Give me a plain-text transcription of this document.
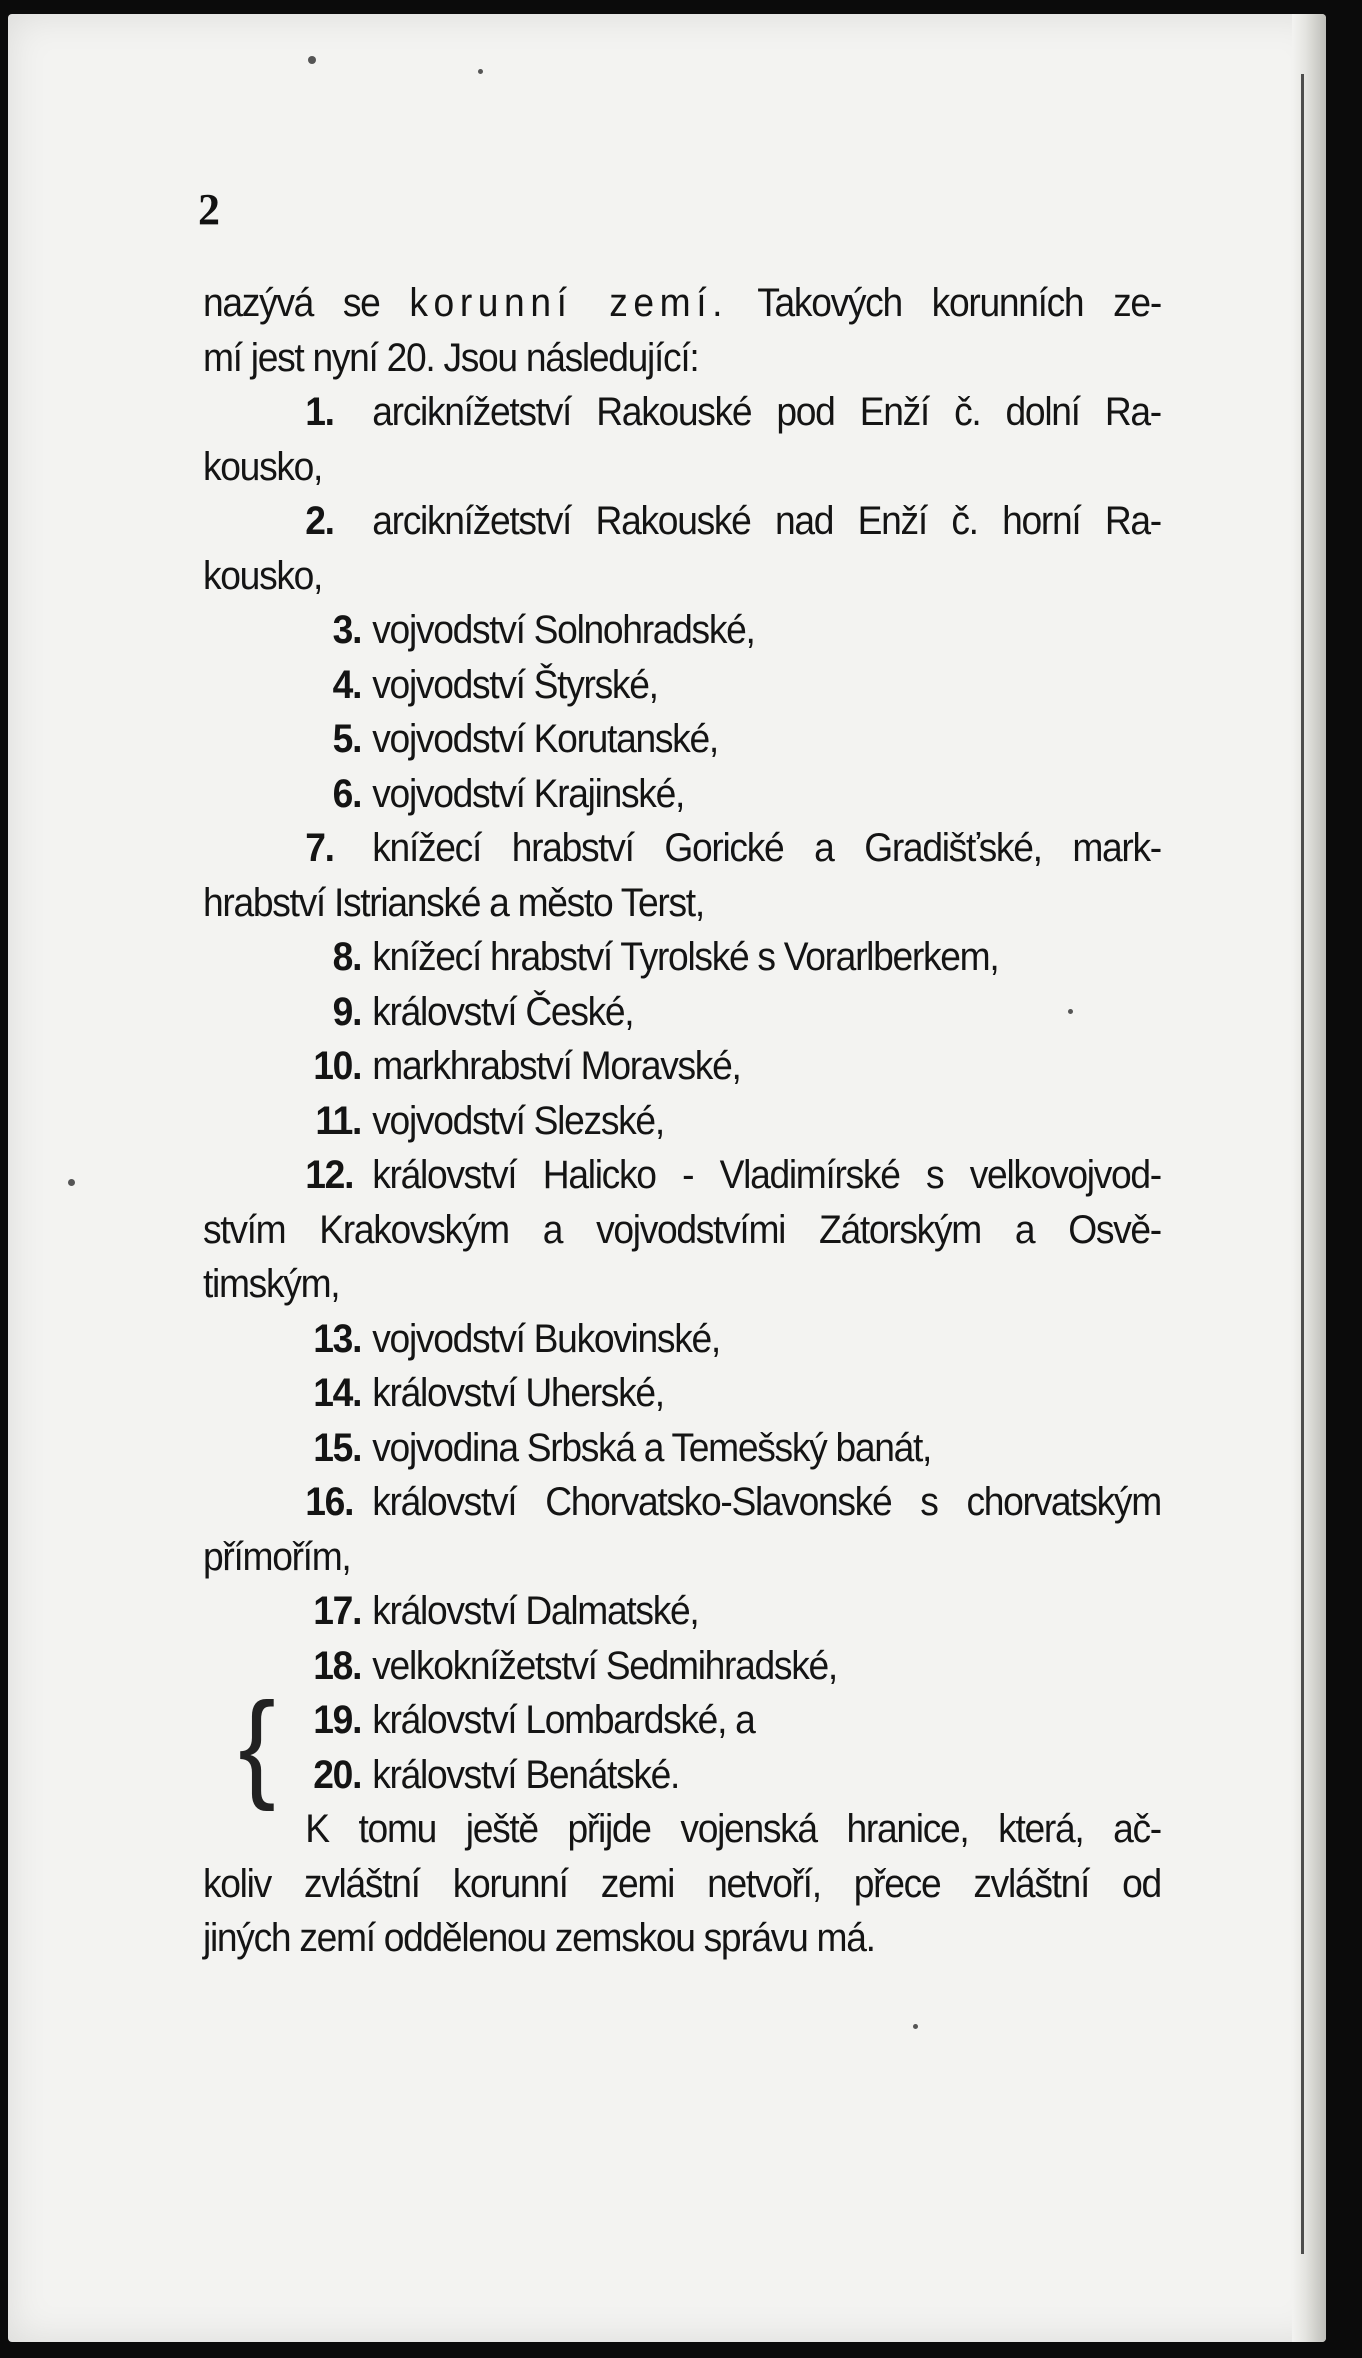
2
nazývá se korunní zemí. Takových korunních ze-
mí jest nyní 20. Jsou následující:
1. arciknížetství Rakouské pod Enží č. dolní Ra-
kousko,
2. arciknížetství Rakouské nad Enží č. horní Ra-
kousko,
3. vojvodství Solnohradské,
4. vojvodství Štyrské,
5. vojvodství Korutanské,
6. vojvodství Krajinské,
7. knížecí hrabství Gorické a Gradišťské, mark-
hrabství Istrianské a město Terst,
8. knížecí hrabství Tyrolské s Vorarlberkem,
9. království České,
10. markhrabství Moravské,
11. vojvodství Slezské,
12. království Halicko - Vladimírské s velkovojvod-
stvím Krakovským a vojvodstvími Zátorským a Osvě-
timským,
13. vojvodství Bukovinské,
14. království Uherské,
15. vojvodina Srbská a Temešský banát,
16. království Chorvatsko-Slavonské s chorvatským
přímořím,
17. království Dalmatské,
18. velkoknížetství Sedmihradské,
{ 19. království Lombardské, a
20. království Benátské.
K tomu ještě přijde vojenská hranice, která, ač-
koliv zvláštní korunní zemi netvoří, přece zvláštní od
jiných zemí oddělenou zemskou správu má.
